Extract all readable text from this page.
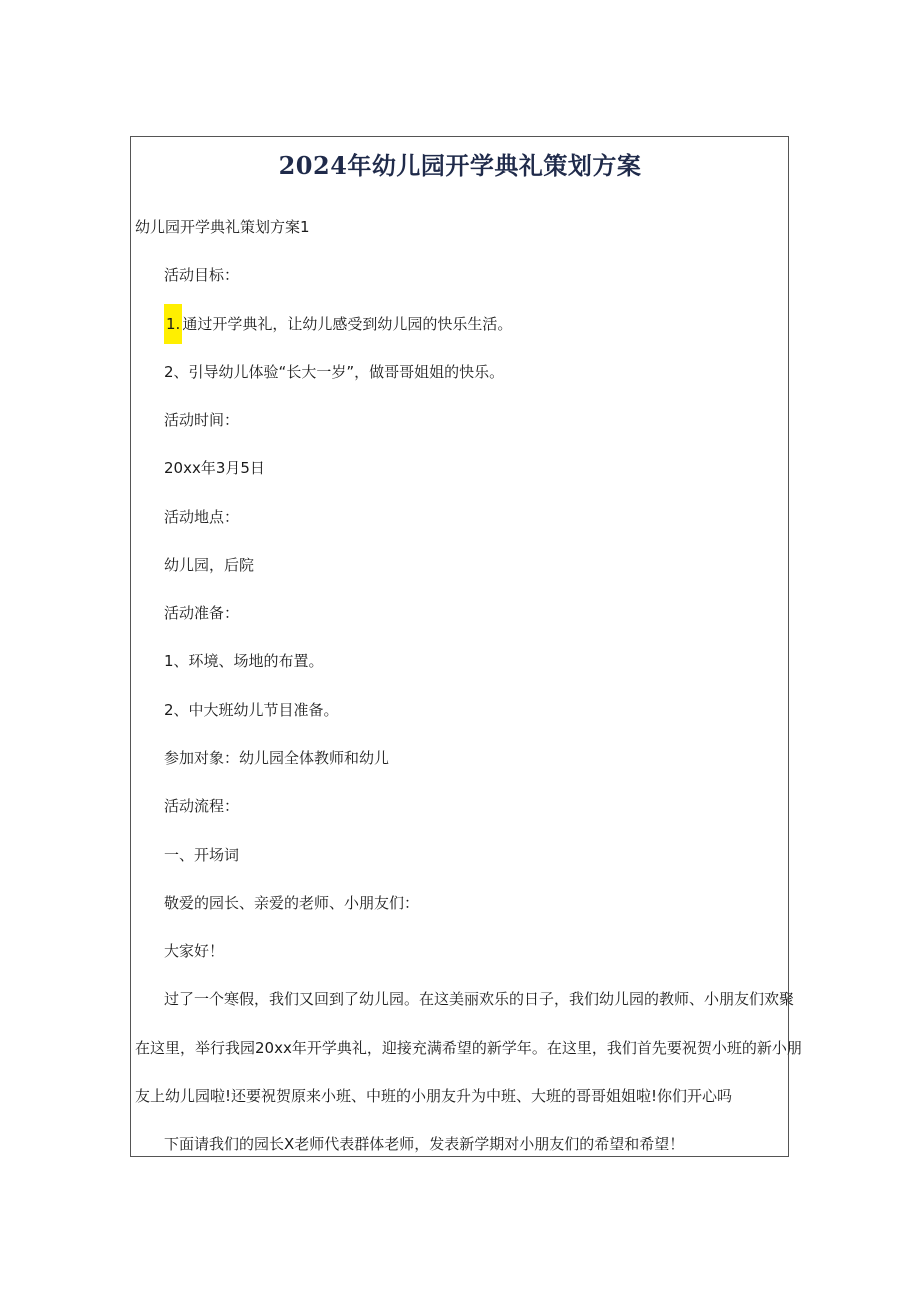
2024年幼儿园开学典礼策划方案
幼儿园开学典礼策划方案1
活动目标：
1. 通过开学典礼，让幼儿感受到幼儿园的快乐生活。
2、引导幼儿体验“长大一岁”，做哥哥姐姐的快乐。
活动时间：
20xx年3月5日
活动地点：
幼儿园，后院
活动准备：
1、环境、场地的布置。
2、中大班幼儿节目准备。
参加对象：幼儿园全体教师和幼儿
活动流程：
一、开场词
敬爱的园长、亲爱的老师、小朋友们：
大家好！
过了一个寒假，我们又回到了幼儿园。在这美丽欢乐的日子，我们幼儿园的教师、小朋友们欢聚
在这里，举行我园20xx年开学典礼，迎接充满希望的新学年。在这里，我们首先要祝贺小班的新小朋
友上幼儿园啦!还要祝贺原来小班、中班的小朋友升为中班、大班的哥哥姐姐啦!你们开心吗
下面请我们的园长X老师代表群体老师，发表新学期对小朋友们的希望和希望！
